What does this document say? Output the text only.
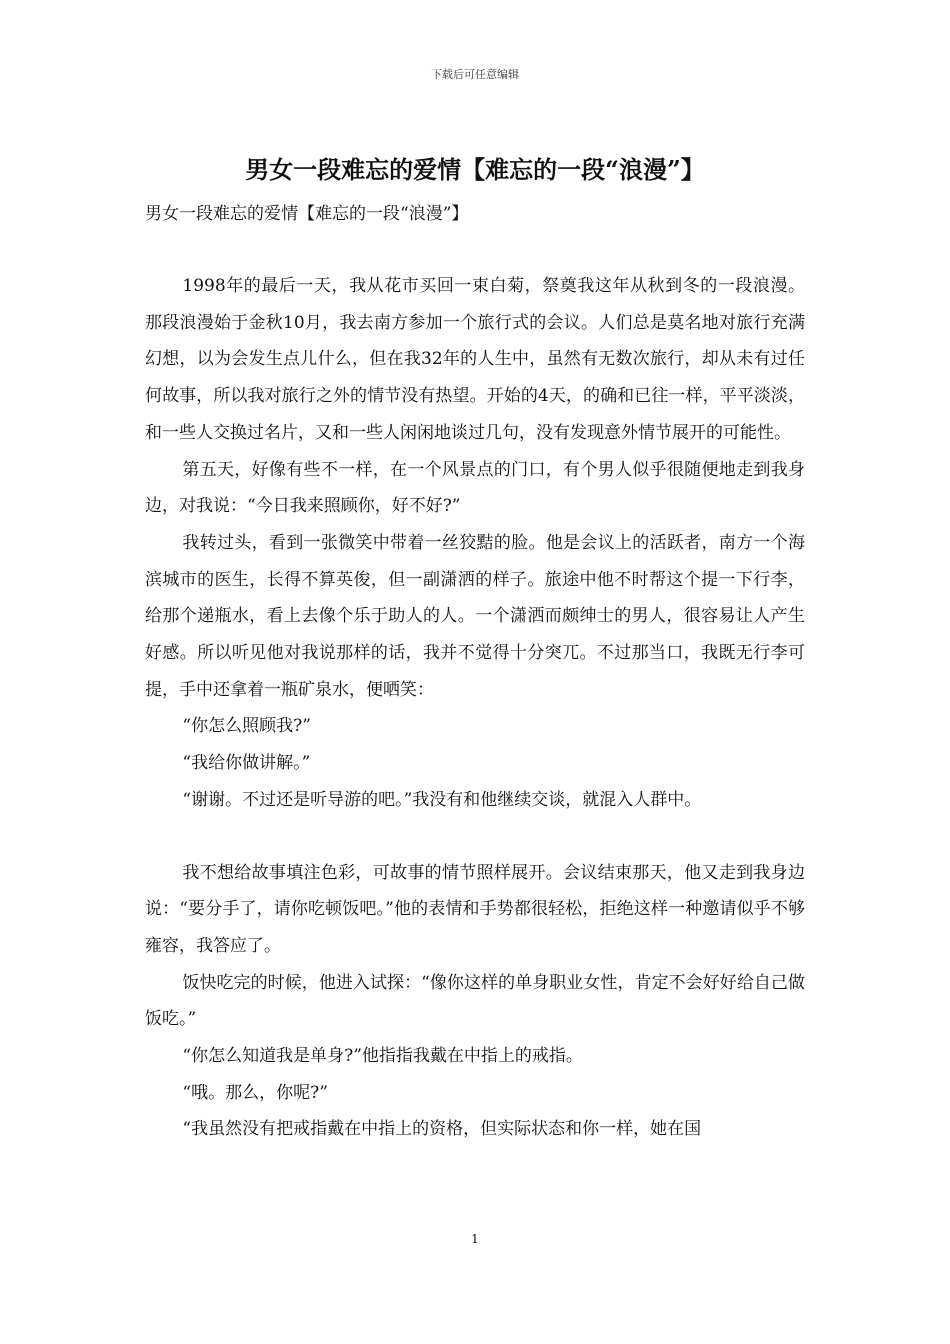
下载后可任意编辑
男女一段难忘的爱情【难忘的一段“浪漫”】
男女一段难忘的爱情【难忘的一段“浪漫”】

1998年的最后一天，我从花市买回一束白菊，祭奠我这年从秋到冬的一段浪漫。 那段浪漫始于金秋10月，我去南方参加一个旅行式的会议。人们总是莫名地对旅行充满幻想，以为会发生点儿什么，但在我32年的人生中，虽然有无数次旅行，却从未有过任何故事，所以我对旅行之外的情节没有热望。开始的4天，的确和已往一样，平平淡淡，和一些人交换过名片，又和一些人闲闲地谈过几句，没有发现意外情节展开的可能性。

第五天，好像有些不一样，在一个风景点的门口，有个男人似乎很随便地走到我身边，对我说：“今日我来照顾你，好不好?”

我转过头，看到一张微笑中带着一丝狡黠的脸。他是会议上的活跃者，南方一个海滨城市的医生，长得不算英俊，但一副潇洒的样子。旅途中他不时帮这个提一下行李，给那个递瓶水，看上去像个乐于助人的人。一个潇洒而颇绅士的男人，很容易让人产生好感。所以听见他对我说那样的话，我并不觉得十分突兀。不过那当口，我既无行李可提，手中还拿着一瓶矿泉水，便哂笑：

“你怎么照顾我?”

“我给你做讲解。”

“谢谢。不过还是听导游的吧。”我没有和他继续交谈，就混入人群中。

我不想给故事填注色彩，可故事的情节照样展开。会议结束那天，他又走到我身边说：“要分手了，请你吃顿饭吧。”他的表情和手势都很轻松，拒绝这样一种邀请似乎不够雍容，我答应了。

饭快吃完的时候，他进入试探：“像你这样的单身职业女性，肯定不会好好给自己做饭吃。”

“你怎么知道我是单身?”他指指我戴在中指上的戒指。

“哦。那么，你呢?”

“我虽然没有把戒指戴在中指上的资格，但实际状态和你一样，她在国

1
